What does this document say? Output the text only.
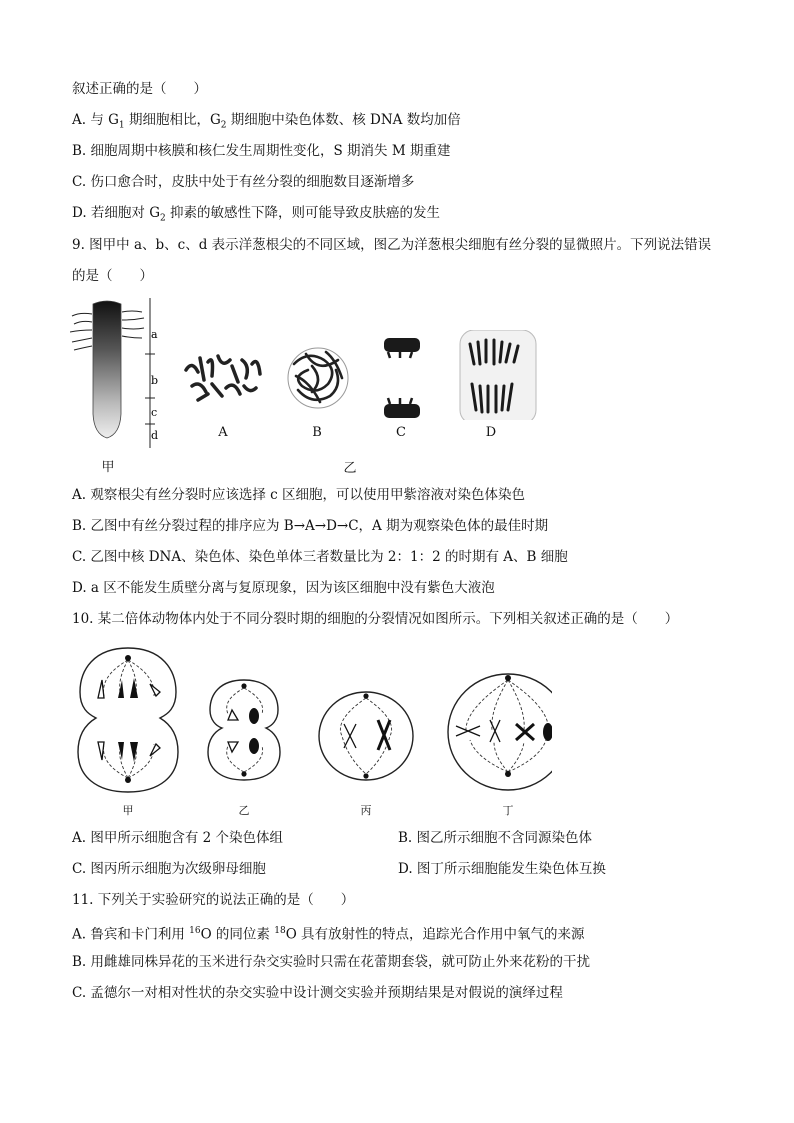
叙述正确的是（　　）
A. 与 $G_1$ 期细胞相比，$G_2$ 期细胞中染色体数、核 DNA 数均加倍
B. 细胞周期中核膜和核仁发生周期性变化，S 期消失 M 期重建
C. 伤口愈合时，皮肤中处于有丝分裂的细胞数目逐渐增多
D. 若细胞对 $G_2$ 抑素的敏感性下降，则可能导致皮肤癌的发生
9. 图甲中 a、b、c、d 表示洋葱根尖的不同区域，图乙为洋葱根尖细胞有丝分裂的显微照片。下列说法错误
的是（　　）
a
b
c
d
甲
A	B	C	D
乙
A. 观察根尖有丝分裂时应该选择 c 区细胞，可以使用甲紫溶液对染色体染色
B. 乙图中有丝分裂过程的排序应为 B→A→D→C，A 期为观察染色体的最佳时期
C. 乙图中核 DNA、染色体、染色单体三者数量比为 2：1：2 的时期有 A、B 细胞
D. a 区不能发生质壁分离与复原现象，因为该区细胞中没有紫色大液泡
10. 某二倍体动物体内处于不同分裂时期的细胞的分裂情况如图所示。下列相关叙述正确的是（　　）
甲	乙	丙	丁
A. 图甲所示细胞含有 2 个染色体组	B. 图乙所示细胞不含同源染色体
C. 图丙所示细胞为次级卵母细胞	D. 图丁所示细胞能发生染色体互换
11. 下列关于实验研究的说法正确的是（　　）
A. 鲁宾和卡门利用 $^{16}$O 的同位素 $^{18}$O 具有放射性的特点，追踪光合作用中氧气的来源
B. 用雌雄同株异花的玉米进行杂交实验时只需在花蕾期套袋，就可防止外来花粉的干扰
C. 孟德尔一对相对性状的杂交实验中设计测交实验并预期结果是对假说的演绎过程
